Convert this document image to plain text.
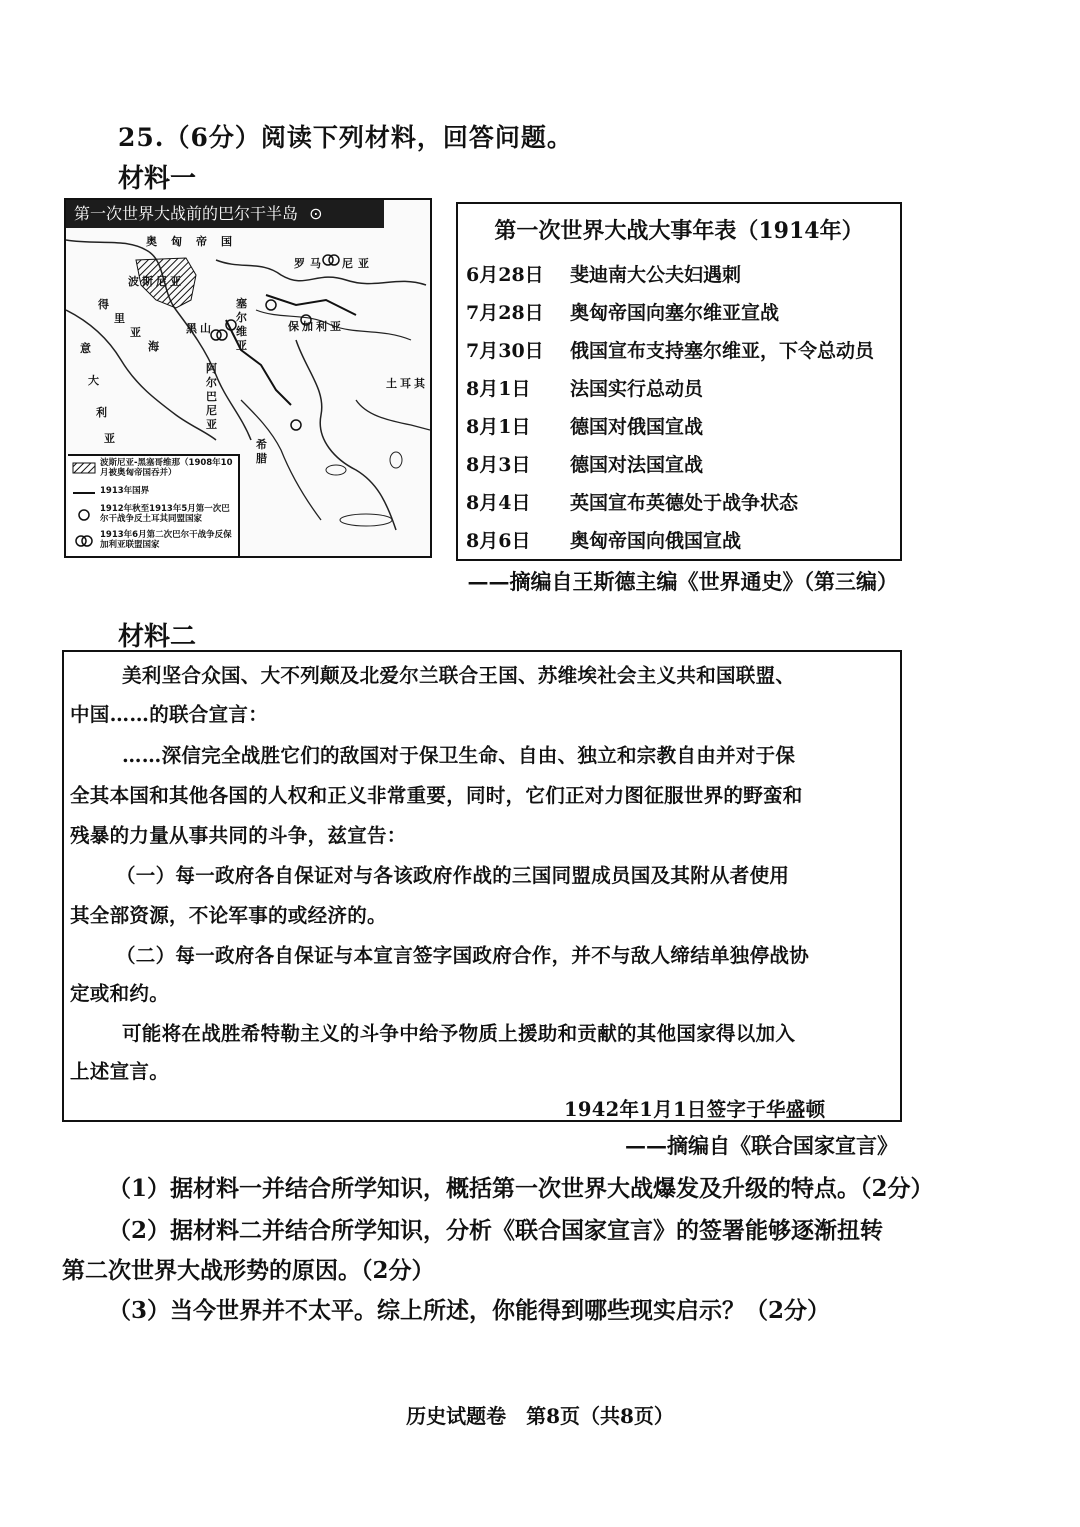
25.（6分）阅读下列材料，回答问题。
材料一
第一次世界大战前的巴尔干半岛 ⊙
奥 匈 帝 国
罗 马 尼 亚
保 加 利 亚
塞
尔
维
亚
黑 山
阿
尔
巴
尼
亚
波 斯 尼 亚
希
腊
土 耳 其
意
大
利
亚
得
里
亚
海
波斯尼亚-黑塞哥维那（1908年10月被奥匈帝国吞并）
1913年国界
1912年秋至1913年5月第一次巴尔干战争反土耳其同盟国家
1913年6月第二次巴尔干战争反保加利亚联盟国家
第一次世界大战大事年表（1914年）
6月28日	斐迪南大公夫妇遇刺
7月28日	奥匈帝国向塞尔维亚宣战
7月30日	俄国宣布支持塞尔维亚，下令总动员
8月1日	法国实行总动员
8月1日	德国对俄国宣战
8月3日	德国对法国宣战
8月4日	英国宣布英德处于战争状态
8月6日	奥匈帝国向俄国宣战
——摘编自王斯德主编《世界通史》（第三编）
材料二
美利坚合众国、大不列颠及北爱尔兰联合王国、苏维埃社会主义共和国联盟、
中国……的联合宣言：
……深信完全战胜它们的敌国对于保卫生命、自由、独立和宗教自由并对于保
全其本国和其他各国的人权和正义非常重要，同时，它们正对力图征服世界的野蛮和
残暴的力量从事共同的斗争，兹宣告：
（一）每一政府各自保证对与各该政府作战的三国同盟成员国及其附从者使用
其全部资源，不论军事的或经济的。
（二）每一政府各自保证与本宣言签字国政府合作，并不与敌人缔结单独停战协
定或和约。
可能将在战胜希特勒主义的斗争中给予物质上援助和贡献的其他国家得以加入
上述宣言。
1942年1月1日签字于华盛顿
——摘编自《联合国家宣言》
（1）据材料一并结合所学知识，概括第一次世界大战爆发及升级的特点。（2分）
（2）据材料二并结合所学知识，分析《联合国家宣言》的签署能够逐渐扭转
第二次世界大战形势的原因。（2分）
（3）当今世界并不太平。综上所述，你能得到哪些现实启示？（2分）
历史试题卷　第8页（共8页）
